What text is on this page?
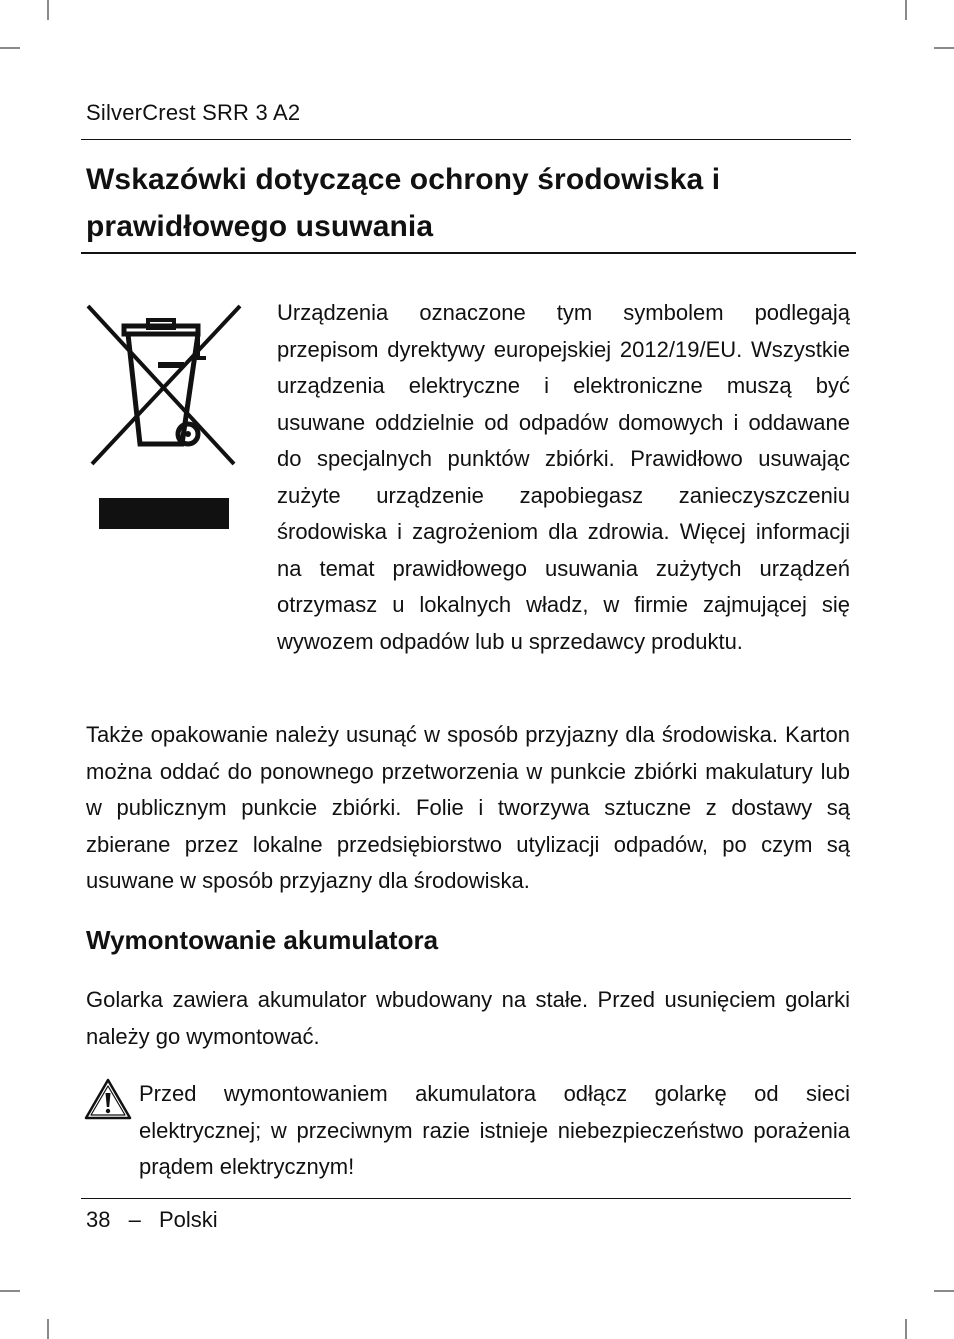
SilverCrest SRR 3 A2
Wskazówki dotyczące ochrony środowiska i prawidłowego usuwania

Urządzenia oznaczone tym symbolem podlegają przepisom dyrektywy europejskiej 2012/19/EU. Wszystkie urządzenia elektryczne i elektroniczne muszą być usuwane oddzielnie od odpadów domowych i oddawane do specjalnych punktów zbiórki. Prawidłowo usuwając zużyte urządzenie zapobiegasz zanieczyszczeniu środowiska i zagrożeniom dla zdrowia. Więcej informacji na temat prawidłowego usuwania zużytych urządzeń otrzymasz u lokalnych władz, w firmie zajmującej się wywozem odpadów lub u sprzedawcy produktu.

Także opakowanie należy usunąć w sposób przyjazny dla środowiska. Karton można oddać do ponownego przetworzenia w punkcie zbiórki makulatury lub w publicznym punkcie zbiórki. Folie i tworzywa sztuczne z dostawy są zbierane przez lokalne przedsiębiorstwo utylizacji odpadów, po czym są usuwane w sposób przyjazny dla środowiska.

Wymontowanie akumulatora

Golarka zawiera akumulator wbudowany na stałe. Przed usunięciem golarki należy go wymontować.

Przed wymontowaniem akumulatora odłącz golarkę od sieci elektrycznej; w przeciwnym razie istnieje niebezpieczeństwo porażenia prądem elektrycznym!

38 – Polski
